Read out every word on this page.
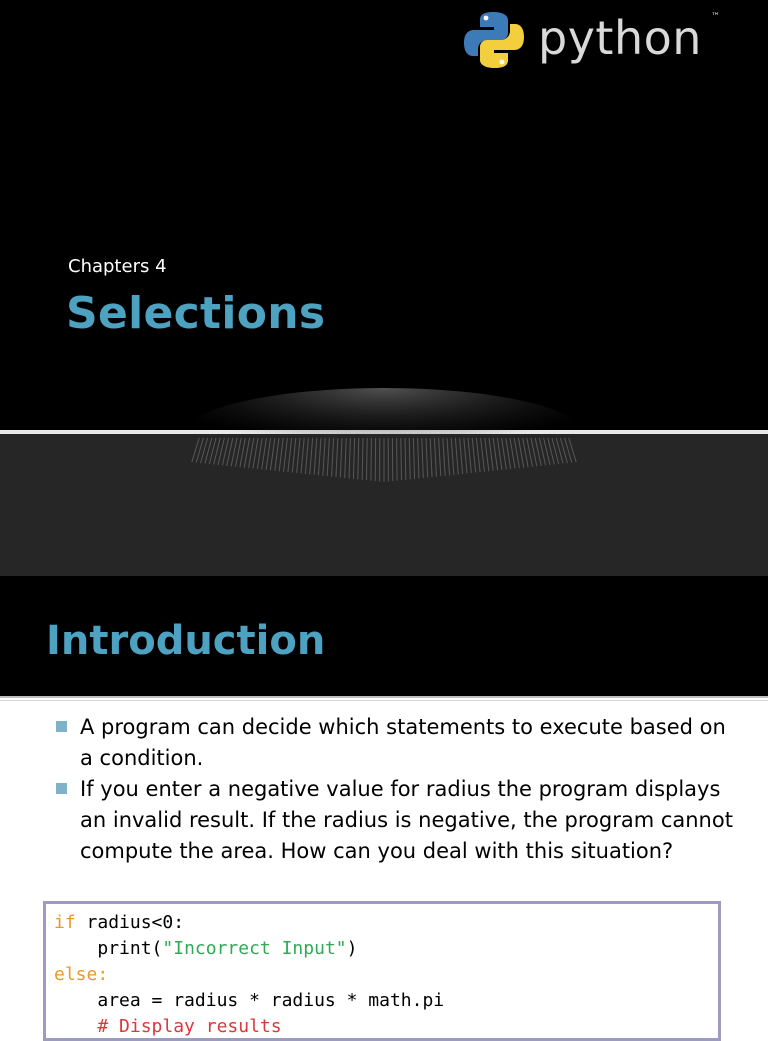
python ™
Chapters 4
Selections
Introduction
A program can decide which statements to execute based on a condition.
If you enter a negative value for radius the program displays an invalid result. If the radius is negative, the program cannot compute the area. How can you deal with this situation?
if radius<0:
print("Incorrect Input")
else:
area = radius * radius * math.pi
# Display results
